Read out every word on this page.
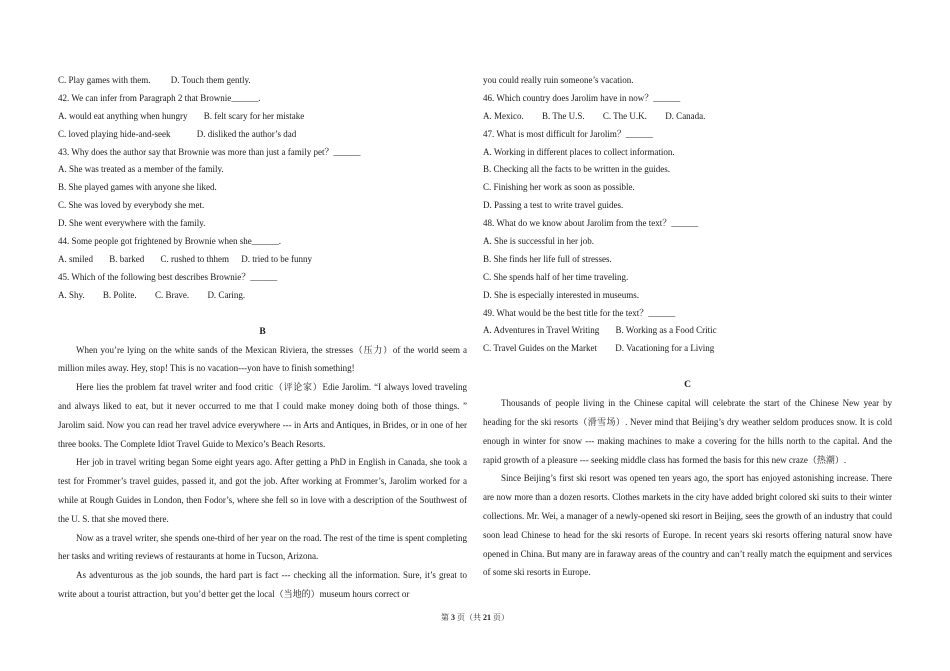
C. Play games with them. D. Touch them gently.
42. We can infer from Paragraph 2 that Brownie______.
A. would eat anything when hungry B. felt scary for her mistake
C. loved playing hide-and-seek	D. disliked the author’s dad
43. Why does the author say that Brownie was more than just a family pet？______
A. She was treated as a member of the family.
B. She played games with anyone she liked.
C. She was loved by everybody she met.
D. She went everywhere with the family.
44. Some people got frightened by Brownie when she______.
A. smiled B. barked C. rushed to thhem D. tried to be funny
45. Which of the following best describes Brownie？______
A. Shy. B. Polite. C. Brave. D. Caring.

B

When you’re lying on the white sands of the Mexican Riviera, the stresses（压力）of the world seem a million miles away. Hey, stop! This is no vacation---yon have to finish something!

Here lies the problem fat travel writer and food critic（评论家）Edie Jarolim. “I always loved traveling and always liked to eat, but it never occurred to me that I could make money doing both of those things. ” Jarolim said. Now you can read her travel advice everywhere --- in Arts and Antiques, in Brides, or in one of her three books. The Complete Idiot Travel Guide to Mexico’s Beach Resorts.

Her job in travel writing began Some eight years ago. After getting a PhD in English in Canada, she took a test for Frommer’s travel guides, passed it, and got the job. After working at Frommer’s, Jarolim worked for a while at Rough Guides in London, then Fodor’s, where she fell so in love with a description of the Southwest of the U. S. that she moved there.

Now as a travel writer, she spends one-third of her year on the road. The rest of the time is spent completing her tasks and writing reviews of restaurants at home in Tucson, Arizona.

As adventurous as the job sounds, the hard part is fact --- checking all the information. Sure, it’s great to write about a tourist attraction, but you’d better get the local（当地的）museum hours correct or

you could really ruin someone’s vacation.
46. Which country does Jarolim have in now？______
A. Mexico. B. The U.S. C. The U.K. D. Canada.
47. What is most difficult for Jarolim？______
A. Working in different places to collect information.
B. Checking all the facts to be written in the guides.
C. Finishing her work as soon as possible.
D. Passing a test to write travel guides.
48. What do we know about Jarolim from the text？______
A. She is successful in her job.
B. She finds her life full of stresses.
C. She spends half of her time traveling.
D. She is especially interested in museums.
49. What would be the best title for the text？______
A. Adventures in Travel Writing B. Working as a Food Critic
C. Travel Guides on the Market D. Vacationing for a Living

C

Thousands of people living in the Chinese capital will celebrate the start of the Chinese New year by heading for the ski resorts（滑雪场）. Never mind that Beijing’s dry weather seldom produces snow. It is cold enough in winter for snow --- making machines to make a covering for the hills north to the capital. And the rapid growth of a pleasure --- seeking middle class has formed the basis for this new craze（热潮）.

Since Beijing’s first ski resort was opened ten years ago, the sport has enjoyed astonishing increase. There are now more than a dozen resorts. Clothes markets in the city have added bright colored ski suits to their winter collections. Mr. Wei, a manager of a newly-opened ski resort in Beijing, sees the growth of an industry that could soon lead Chinese to head for the ski resorts of Europe. In recent years ski resorts offering natural snow have opened in China. But many are in faraway areas of the country and can’t really match the equipment and services of some ski resorts in Europe.

第 3 页（共 21 页）
